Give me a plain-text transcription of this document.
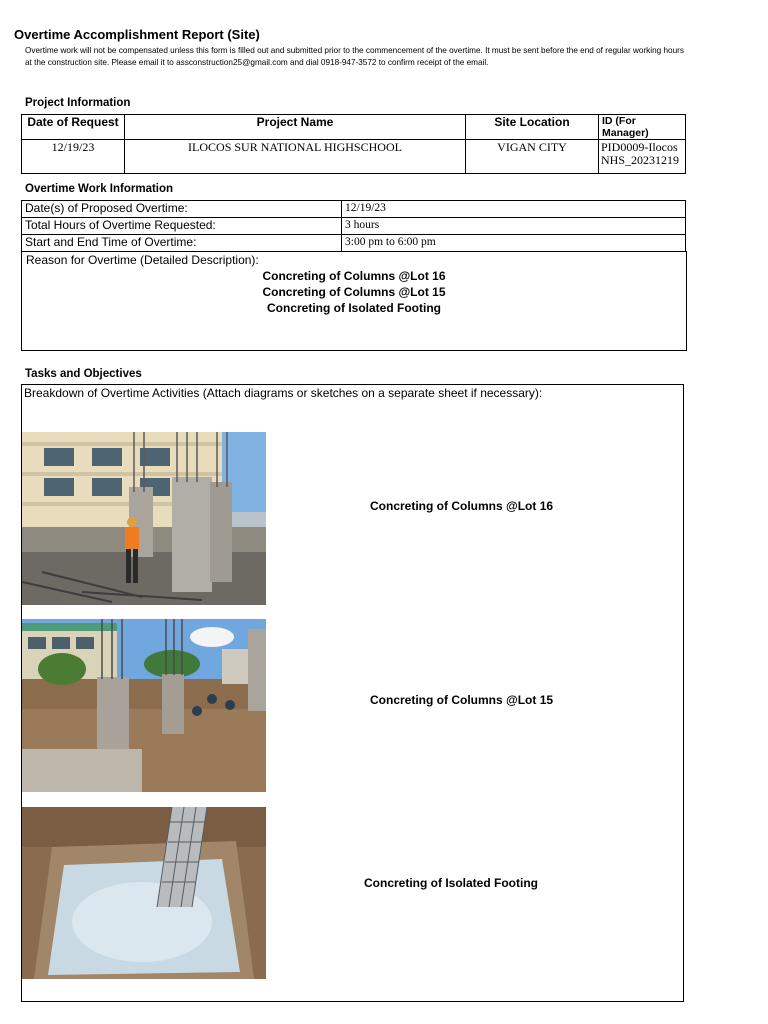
Overtime Accomplishment Report (Site)
Overtime work will not be compensated unless this form is filled out and submitted prior to the commencement of the overtime. It must be sent before the end of regular working hours at the construction site. Please email it to assconstruction25@gmail.com and dial 0918-947-3572 to confirm receipt of the email.
Project Information
Date of Request	Project Name	Site Location	ID (For Manager)
12/19/23	ILOCOS SUR NATIONAL HIGHSCHOOL	VIGAN CITY	PID0009-Ilocos
NHS_20231219
Overtime Work Information
Date(s) of Proposed Overtime:	12/19/23
Total Hours of Overtime Requested:	3 hours
Start and End Time of Overtime:	3:00 pm to 6:00 pm
Reason for Overtime (Detailed Description):
Concreting of Columns @Lot 16
Concreting of Columns @Lot 15
Concreting of Isolated Footing
Tasks and Objectives
Breakdown of Overtime Activities (Attach diagrams or sketches on a separate sheet if necessary):
Concreting of Columns @Lot 16
Concreting of Columns @Lot 15
Concreting of Isolated Footing
